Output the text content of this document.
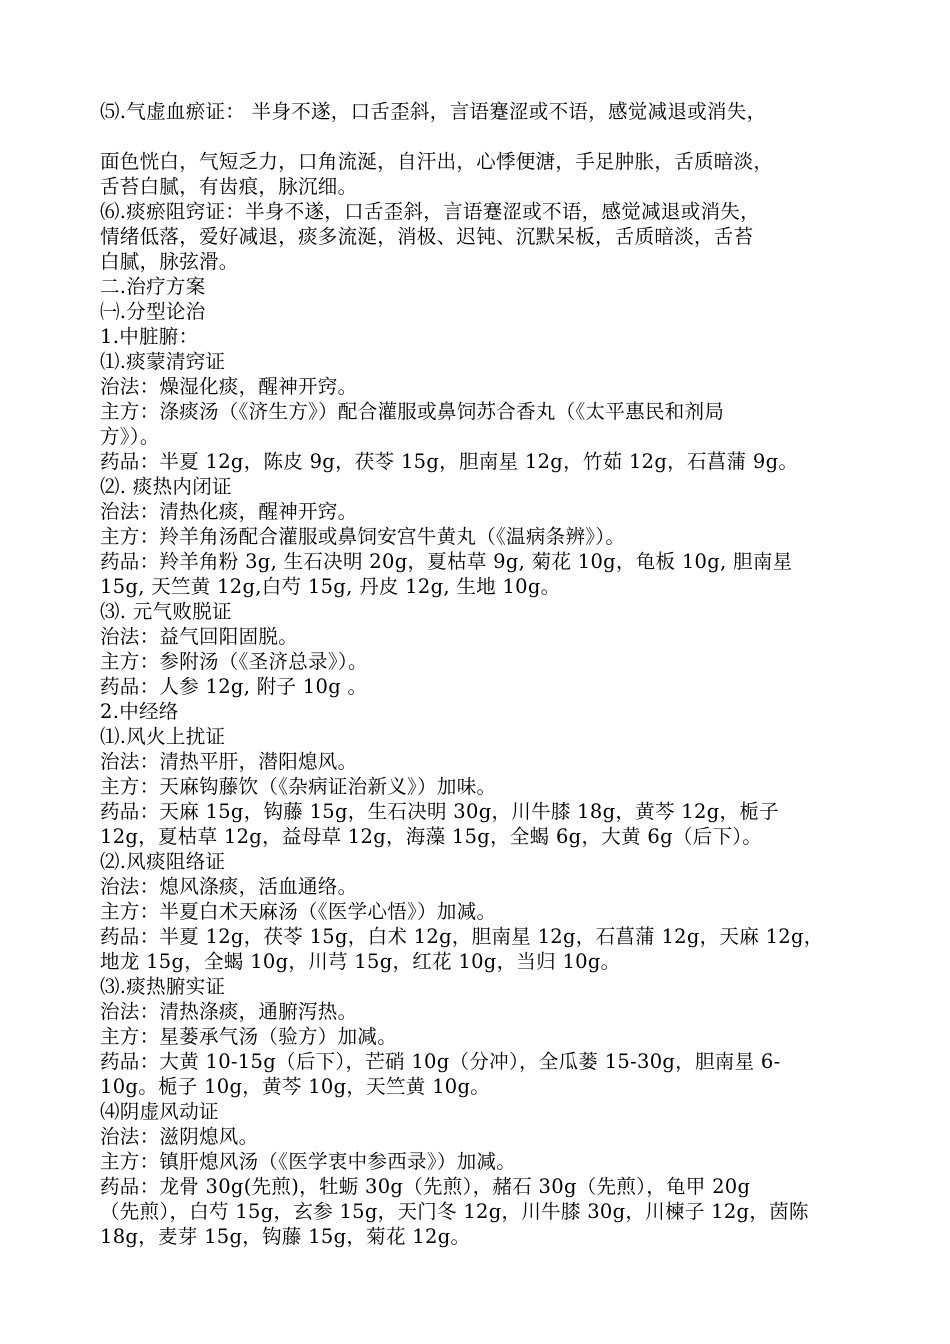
⑸.气虚血瘀证： 半身不遂，口舌歪斜，言语蹇涩或不语，感觉减退或消失，
面色恍白，气短乏力，口角流涎，自汗出，心悸便溏，手足肿胀，舌质暗淡，
舌苔白腻，有齿痕，脉沉细。
⑹.痰瘀阻窍证：半身不遂，口舌歪斜，言语蹇涩或不语，感觉减退或消失，
情绪低落，爱好减退，痰多流涎，消极、迟钝、沉默呆板，舌质暗淡，舌苔
白腻，脉弦滑。
二.治疗方案
㈠.分型论治
1.中脏腑：
⑴.痰蒙清窍证
治法：燥湿化痰，醒神开窍。
主方：涤痰汤（《济生方》）配合灌服或鼻饲苏合香丸（《太平惠民和剂局
方》）。
药品：半夏 12g，陈皮 9g，茯苓 15g，胆南星 12g，竹茹 12g，石菖蒲 9g。
⑵. 痰热内闭证
治法：清热化痰，醒神开窍。
主方：羚羊角汤配合灌服或鼻饲安宫牛黄丸（《温病条辨》）。
药品：羚羊角粉 3g, 生石决明 20g，夏枯草 9g, 菊花 10g，龟板 10g, 胆南星
15g, 天竺黄 12g,白芍 15g, 丹皮 12g, 生地 10g。
⑶. 元气败脱证
治法：益气回阳固脱。
主方：参附汤（《圣济总录》）。
药品：人参 12g, 附子 10g 。
2.中经络
⑴.风火上扰证
治法：清热平肝，潜阳熄风。
主方：天麻钩藤饮（《杂病证治新义》）加味。
药品：天麻 15g，钩藤 15g，生石决明 30g，川牛膝 18g，黄芩 12g，栀子
12g，夏枯草 12g，益母草 12g，海藻 15g，全蝎 6g，大黄 6g（后下）。
⑵.风痰阻络证
治法：熄风涤痰，活血通络。
主方：半夏白术天麻汤（《医学心悟》）加减。
药品：半夏 12g，茯苓 15g，白术 12g，胆南星 12g，石菖蒲 12g，天麻 12g，
地龙 15g，全蝎 10g，川芎 15g，红花 10g，当归 10g。
⑶.痰热腑实证
治法：清热涤痰，通腑泻热。
主方：星蒌承气汤（验方）加减。
药品：大黄 10-15g（后下），芒硝 10g（分冲），全瓜蒌 15-30g，胆南星 6-
10g。栀子 10g，黄芩 10g，天竺黄 10g。
⑷阴虚风动证
治法：滋阴熄风。
主方：镇肝熄风汤（《医学衷中参西录》）加减。
药品：龙骨 30g(先煎)，牡蛎 30g（先煎），赭石 30g（先煎），龟甲 20g
（先煎），白芍 15g，玄参 15g，天门冬 12g，川牛膝 30g，川楝子 12g，茵陈
18g，麦芽 15g，钩藤 15g，菊花 12g。
